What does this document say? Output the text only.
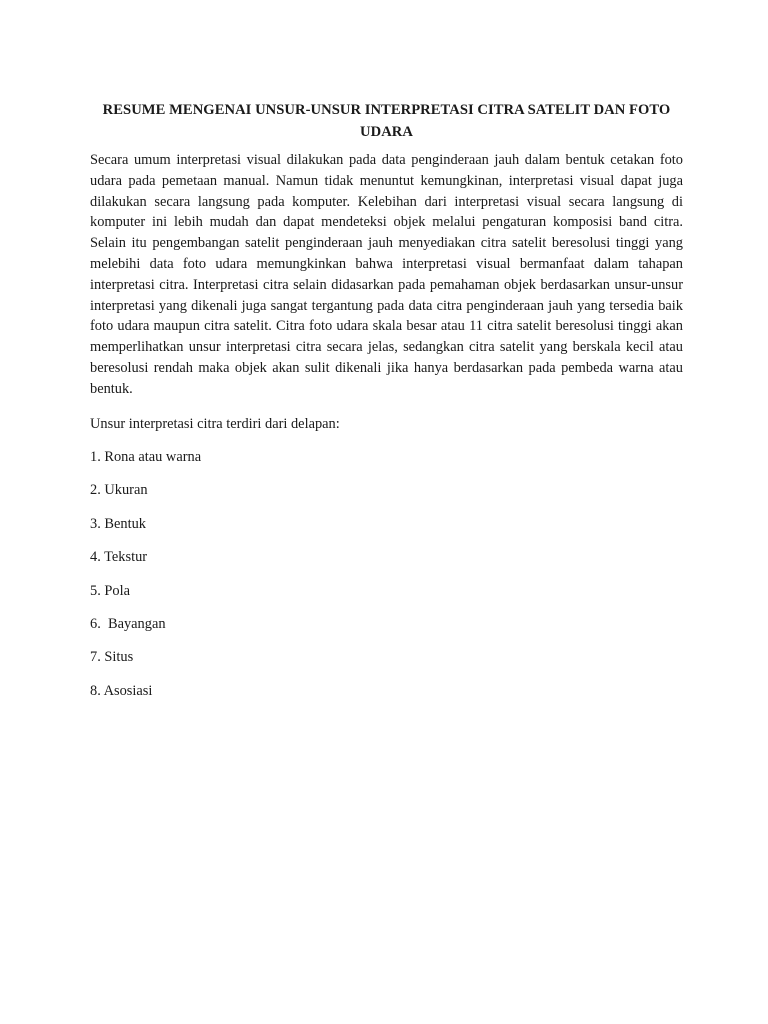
RESUME MENGENAI UNSUR-UNSUR INTERPRETASI CITRA SATELIT DAN FOTO UDARA

Secara umum interpretasi visual dilakukan pada data penginderaan jauh dalam bentuk cetakan foto udara pada pemetaan manual. Namun tidak menuntut kemungkinan, interpretasi visual dapat juga dilakukan secara langsung pada komputer. Kelebihan dari interpretasi visual secara langsung di komputer ini lebih mudah dan dapat mendeteksi objek melalui pengaturan komposisi band citra. Selain itu pengembangan satelit penginderaan jauh menyediakan citra satelit beresolusi tinggi yang melebihi data foto udara memungkinkan bahwa interpretasi visual bermanfaat dalam tahapan interpretasi citra. Interpretasi citra selain didasarkan pada pemahaman objek berdasarkan unsur-unsur interpretasi yang dikenali juga sangat tergantung pada data citra penginderaan jauh yang tersedia baik foto udara maupun citra satelit. Citra foto udara skala besar atau 11 citra satelit beresolusi tinggi akan memperlihatkan unsur interpretasi citra secara jelas, sedangkan citra satelit yang berskala kecil atau beresolusi rendah maka objek akan sulit dikenali jika hanya berdasarkan pada pembeda warna atau bentuk.

Unsur interpretasi citra terdiri dari delapan:

1. Rona atau warna
2. Ukuran
3. Bentuk
4. Tekstur
5. Pola
6.  Bayangan
7. Situs
8. Asosiasi
